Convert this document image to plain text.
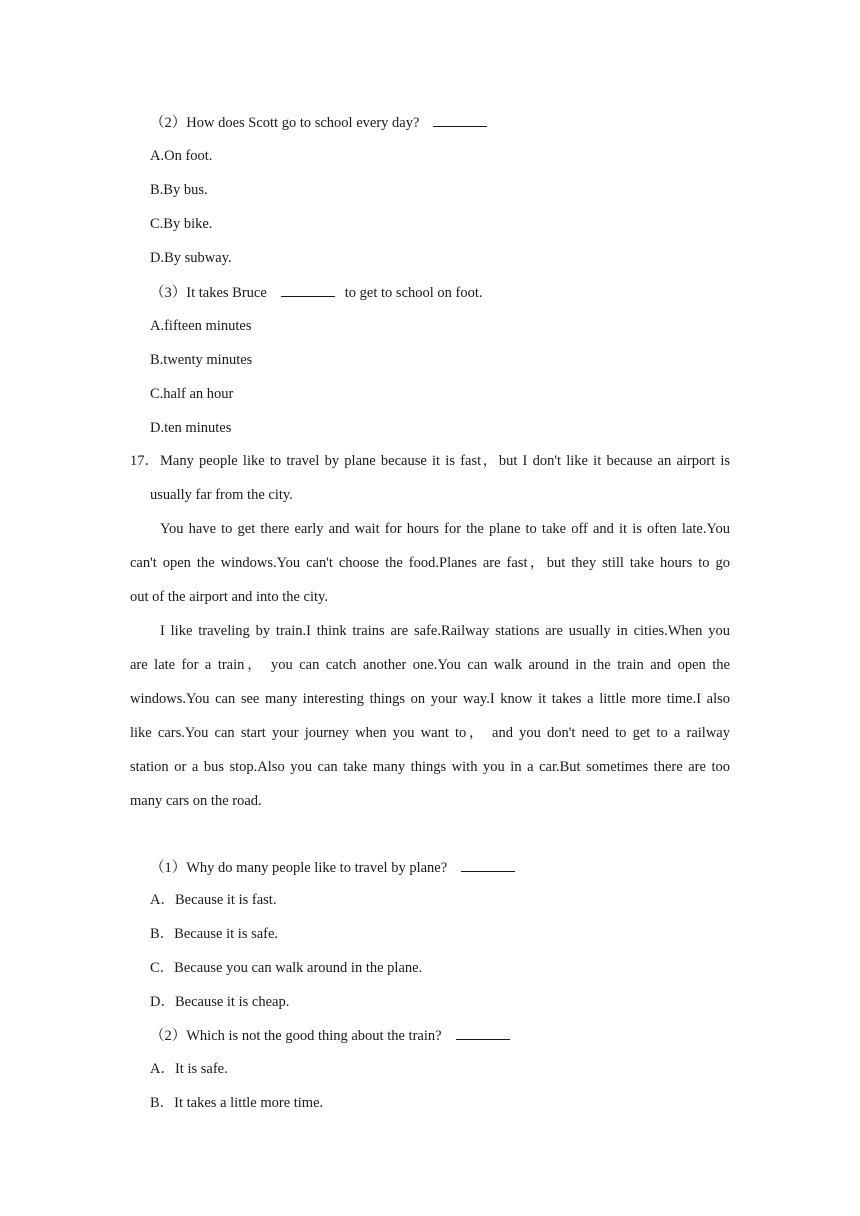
（2）How does Scott go to school every day?
A.On foot.
B.By bus.
C.By bike.
D.By subway.
（3）It takes Bruce	to get to school on foot.
A.fifteen minutes
B.twenty minutes
C.half an hour
D.ten minutes
17． Many people like to travel by plane because it is fast，but I don't like it because an airport is
usually far from the city.
You have to get there early and wait for hours for the plane to take off and it is often late.You
can't open the windows.You can't choose the food.Planes are fast，but they still take hours to go
out of the airport and into the city.
I like traveling by train.I think trains are safe.Railway stations are usually in cities.When you
are late for a train， you can catch another one.You can walk around in the train and open the
windows.You can see many interesting things on your way.I know it takes a little more time.I also
like cars.You can start your journey when you want to， and you don't need to get to a railway
station or a bus stop.Also you can take many things with you in a car.But sometimes there are too
many cars on the road.
（1）Why do many people like to travel by plane?
A．Because it is fast.
B．Because it is safe.
C．Because you can walk around in the plane.
D．Because it is cheap.
（2）Which is not the good thing about the train?
A．It is safe.
B．It takes a little more time.
